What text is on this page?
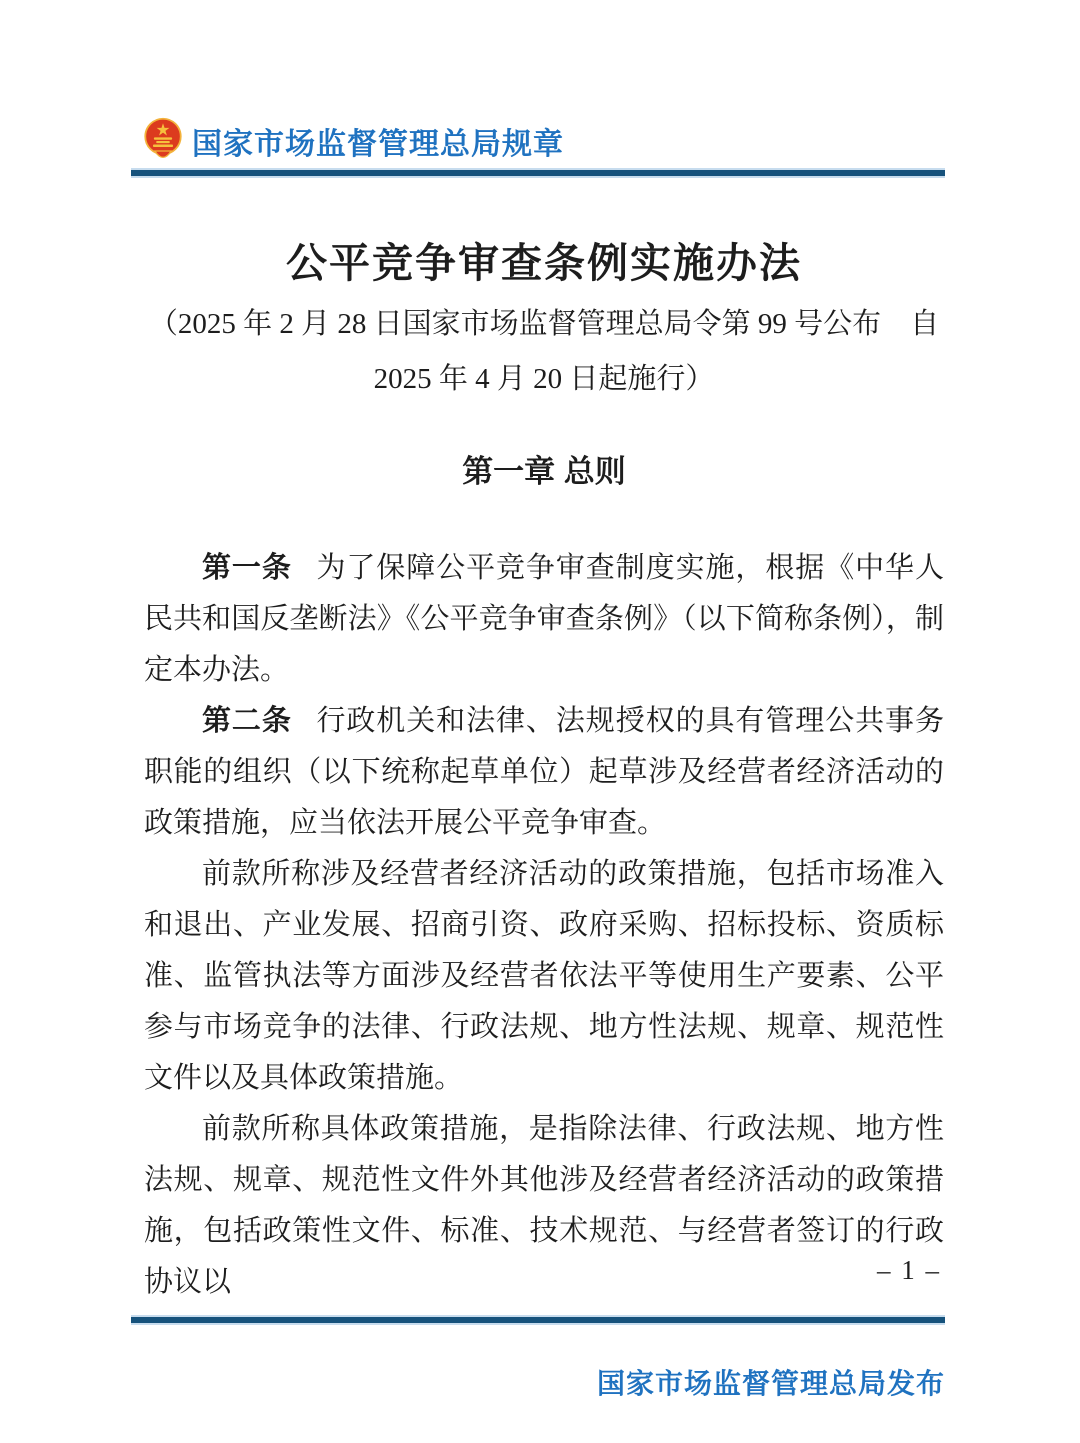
国家市场监督管理总局规章
公平竞争审查条例实施办法
（2025 年 2 月 28 日国家市场监督管理总局令第 99 号公布　自
2025 年 4 月 20 日起施行）
第一章 总则

第一条 为了保障公平竞争审查制度实施，根据《中华人民共和国反垄断法》《公平竞争审查条例》（以下简称条例），制定本办法。

第二条 行政机关和法律、法规授权的具有管理公共事务职能的组织（以下统称起草单位）起草涉及经营者经济活动的政策措施，应当依法开展公平竞争审查。

前款所称涉及经营者经济活动的政策措施，包括市场准入和退出、产业发展、招商引资、政府采购、招标投标、资质标准、监管执法等方面涉及经营者依法平等使用生产要素、公平参与市场竞争的法律、行政法规、地方性法规、规章、规范性文件以及具体政策措施。

前款所称具体政策措施，是指除法律、行政法规、地方性法规、规章、规范性文件外其他涉及经营者经济活动的政策措施，包括政策性文件、标准、技术规范、与经营者签订的行政协议以	– 1 –
国家市场监督管理总局发布
